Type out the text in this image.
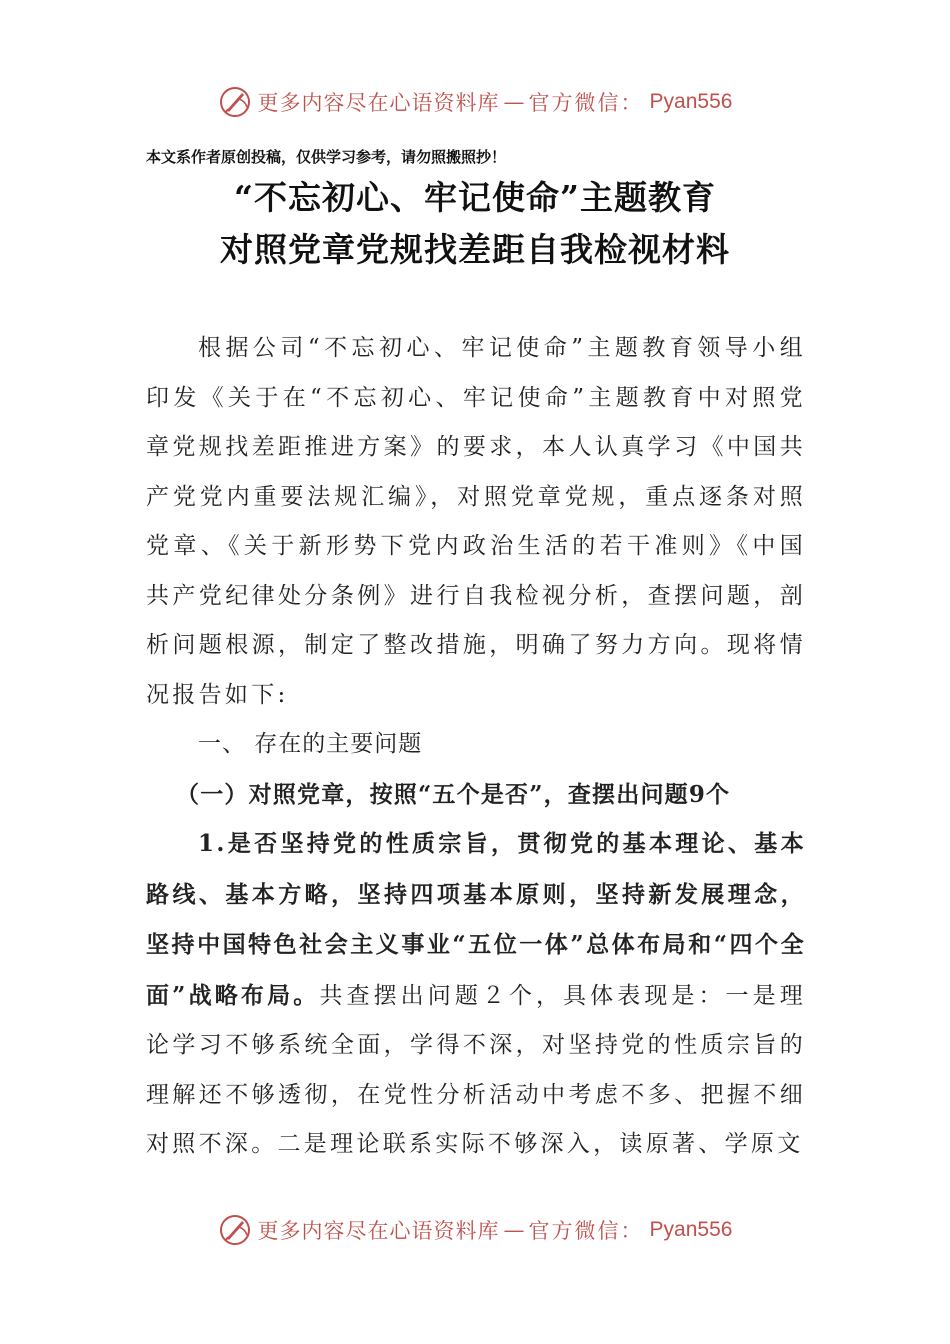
更多内容尽在心语资料库 — 官方微信： Pyan556
本文系作者原创投稿，仅供学习参考，请勿照搬照抄！
“不忘初心、牢记使命”主题教育
对照党章党规找差距自我检视材料

根据公司“不忘初心、牢记使命”主题教育领导小组印发《关于在“不忘初心、牢记使命”主题教育中对照党章党规找差距推进方案》的要求，本人认真学习《中国共产党党内重要法规汇编》，对照党章党规，重点逐条对照党章、《关于新形势下党内政治生活的若干准则》《中国共产党纪律处分条例》进行自我检视分析，查摆问题，剖析问题根源，制定了整改措施，明确了努力方向。现将情况报告如下:

一、 存在的主要问题

（一）对照党章，按照“五个是否”，查摆出问题9个

1.是否坚持党的性质宗旨，贯彻党的基本理论、基本路线、基本方略，坚持四项基本原则，坚持新发展理念，坚持中国特色社会主义事业“五位一体”总体布局和“四个全面”战略布局。共查摆出问题２个，具体表现是：一是理论学习不够系统全面，学得不深，对坚持党的性质宗旨的理解还不够透彻，在党性分析活动中考虑不多、把握不细对照不深。二是理论联系实际不够深入，读原著、学原文

更多内容尽在心语资料库 — 官方微信： Pyan556
